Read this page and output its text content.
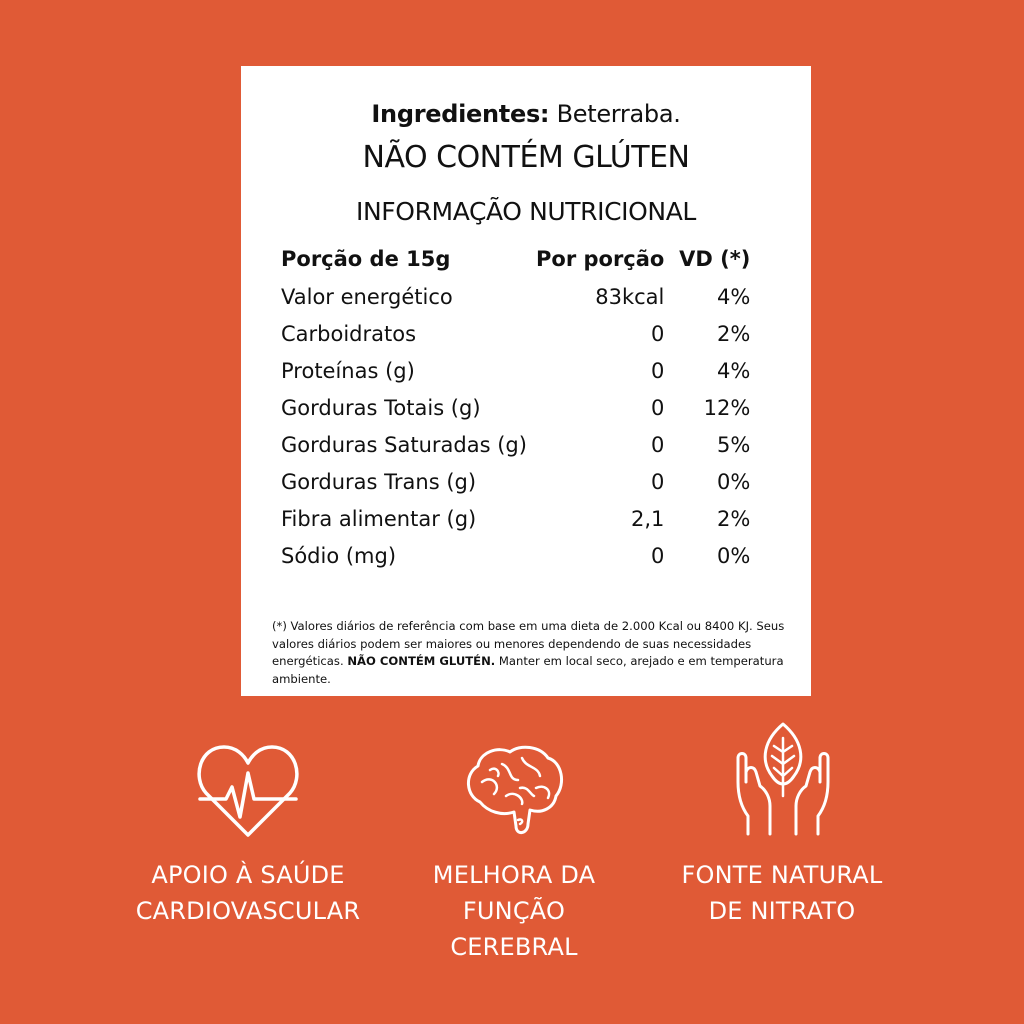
Ingredientes: Beterraba.
NÃO CONTÉM GLÚTEN
INFORMAÇÃO NUTRICIONAL
Porção de 15g	Por porção	VD (*)
Valor energético	83kcal	4%
Carboidratos	0	2%
Proteínas (g)	0	4%
Gorduras Totais (g)	0	12%
Gorduras Saturadas (g)	0	5%
Gorduras Trans (g)	0	0%
Fibra alimentar (g)	2,1	2%
Sódio (mg)	0	0%
(*) Valores diários de referência com base em uma dieta de 2.000 Kcal ou 8400 KJ. Seus valores diários podem ser maiores ou menores dependendo de suas necessidades energéticas. NÃO CONTÉM GLUTÉN. Manter em local seco, arejado e em temperatura ambiente.
APOIO À SAÚDE
CARDIOVASCULAR
MELHORA DA
FUNÇÃO
CEREBRAL
FONTE NATURAL
DE NITRATO
